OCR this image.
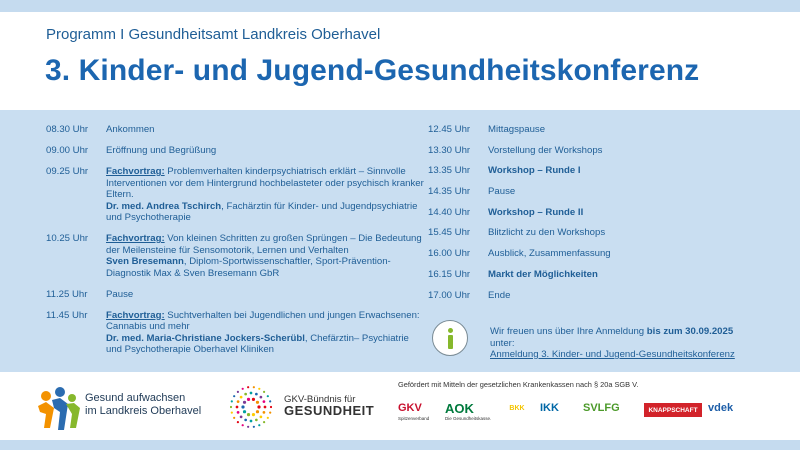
Programm I Gesundheitsamt Landkreis Oberhavel
3. Kinder- und Jugend-Gesundheitskonferenz
08.30 Uhr	Ankommen
09.00 Uhr	Eröffnung und Begrüßung
09.25 Uhr	Fachvortrag: Problemverhalten kinderpsychiatrisch erklärt – Sinnvolle Interventionen vor dem Hintergrund hochbelasteter oder psychisch kranker Eltern.
Dr. med. Andrea Tschirch, Fachärztin für Kinder- und Jugendpsychiatrie und Psychotherapie
10.25 Uhr	Fachvortrag: Von kleinen Schritten zu großen Sprüngen – Die Bedeutung der Meilensteine für Sensomotorik, Lernen und Verhalten
Sven Bresemann, Diplom-Sportwissenschaftler, Sport-Prävention-Diagnostik Max & Sven Bresemann GbR
11.25 Uhr	Pause
11.45 Uhr	Fachvortrag: Suchtverhalten bei Jugendlichen und jungen Erwachsenen: Cannabis und mehr
Dr. med. Maria-Christiane Jockers-Scherübl, Chefärztin– Psychiatrie und Psychotherapie Oberhavel Kliniken
12.45 Uhr	Mittagspause
13.30 Uhr	Vorstellung der Workshops
13.35 Uhr	Workshop – Runde I
14.35 Uhr	Pause
14.40 Uhr	Workshop – Runde II
15.45 Uhr	Blitzlicht zu den Workshops
16.00 Uhr	Ausblick, Zusammenfassung
16.15 Uhr	Markt der Möglichkeiten
17.00 Uhr	Ende
Wir freuen uns über Ihre Anmeldung bis zum 30.09.2025
unter:
Anmeldung 3. Kinder- und Jugend-Gesundheitskonferenz
Gesund aufwachsen
im Landkreis Oberhavel
GKV-Bündnis für
GESUNDHEIT
Gefördert mit Mitteln der gesetzlichen Krankenkassen nach § 20a SGB V.
GKV
Spitzenverband
AOK
Die Gesundheitskasse.
BKK IKK SVLFG	KNAPPSCHAFT vdek
